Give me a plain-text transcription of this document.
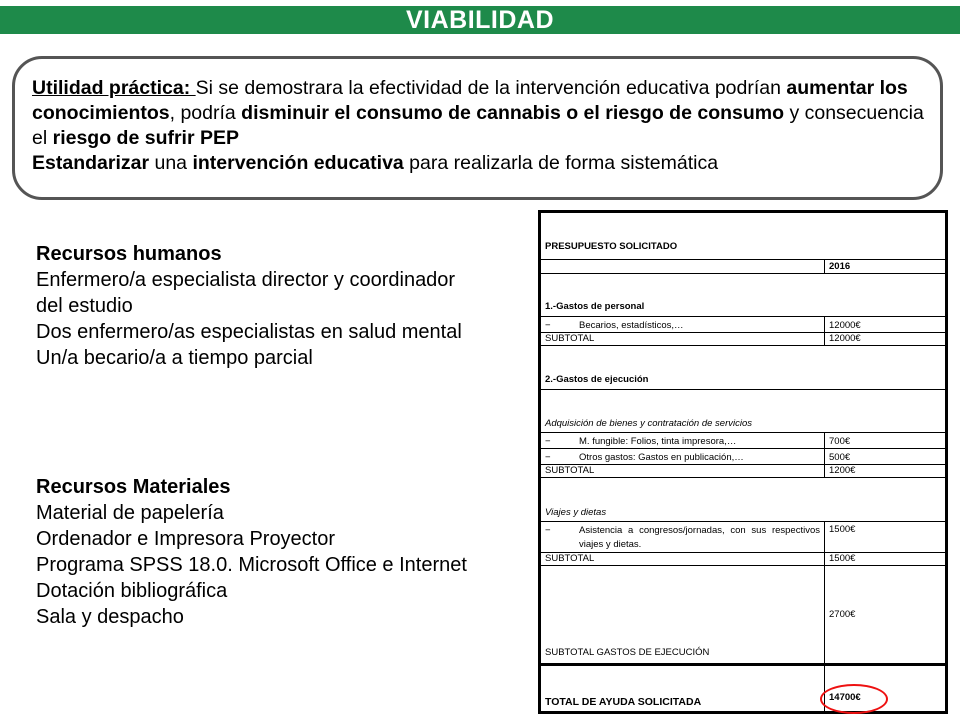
VIABILIDAD
Utilidad práctica: Si se demostrara la efectividad de la intervención educativa podrían aumentar los conocimientos, podría disminuir el consumo de cannabis o el riesgo de consumo y consecuencia el riesgo de sufrir PEP
Estandarizar una intervención educativa para realizarla de forma sistemática
Recursos humanos
Enfermero/a especialista director y coordinador del estudio
Dos enfermero/as especialistas en salud mental
Un/a becario/a a tiempo parcial
Recursos Materiales
Material de papelería
Ordenador e Impresora Proyector
Programa SPSS 18.0. Microsoft Office e Internet
Dotación bibliográfica
Sala y despacho
PRESUPUESTO SOLICITADO	
	2016
1.-Gastos de personal	
− Becarios, estadísticos,…	12000€
SUBTOTAL	12000€
2.-Gastos de ejecución	
Adquisición de bienes y contratación de servicios	
− M. fungible: Folios, tinta impresora,…	700€
− Otros gastos: Gastos en publicación,…	500€
SUBTOTAL	1200€
Viajes y dietas	

− Asistencia a congresos/jornadas, con sus respectivos viajes y dietas.	1500€
SUBTOTAL	1500€
SUBTOTAL GASTOS DE EJECUCIÓN	2700€
TOTAL DE AYUDA SOLICITADA	14700€
